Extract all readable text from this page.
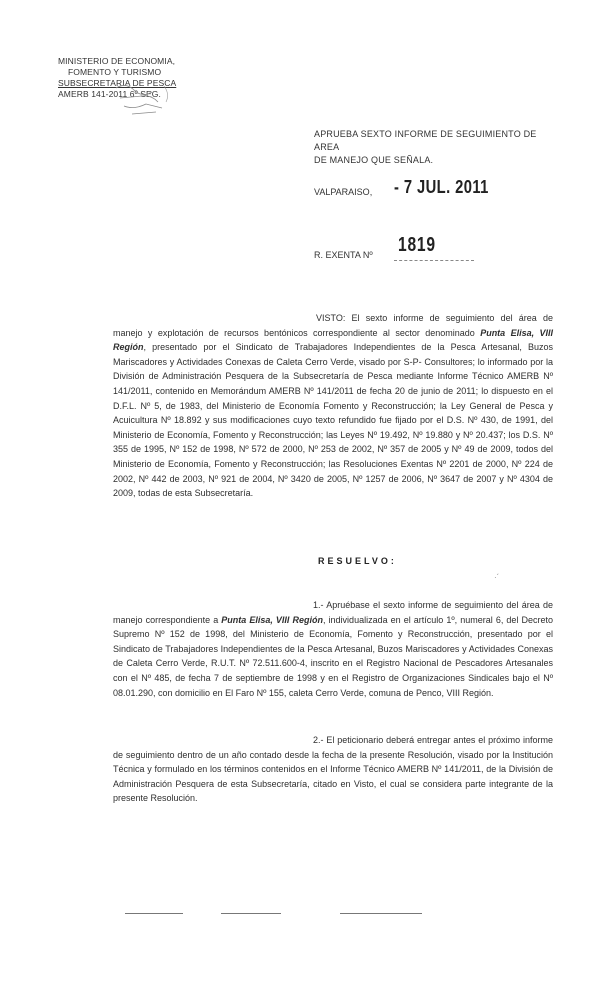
MINISTERIO DE ECONOMIA,
FOMENTO Y TURISMO
SUBSECRETARIA DE PESCA
AMERB 141-2011 6º SEG.
APRUEBA SEXTO INFORME DE SEGUIMIENTO DE AREA
DE MANEJO QUE SEÑALA.
VALPARAISO, - 7 JUL. 2011
R. EXENTA Nº 1819
VISTO: El sexto informe de seguimiento del área de manejo y explotación de recursos bentónicos correspondiente al sector denominado Punta Elisa, VIII Región, presentado por el Sindicato de Trabajadores Independientes de la Pesca Artesanal, Buzos Mariscadores y Actividades Conexas de Caleta Cerro Verde, visado por S-P- Consultores; lo informado por la División de Administración Pesquera de la Subsecretaría de Pesca mediante Informe Técnico AMERB Nº 141/2011, contenido en Memorándum AMERB Nº 141/2011 de fecha 20 de junio de 2011; lo dispuesto en el D.F.L. Nº 5, de 1983, del Ministerio de Economía Fomento y Reconstrucción; la Ley General de Pesca y Acuicultura Nº 18.892 y sus modificaciones cuyo texto refundido fue fijado por el D.S. Nº 430, de 1991, del Ministerio de Economía, Fomento y Reconstrucción; las Leyes Nº 19.492, Nº 19.880 y Nº 20.437; los D.S. Nº 355 de 1995, Nº 152 de 1998, Nº 572 de 2000, Nº 253 de 2002, Nº 357 de 2005 y Nº 49 de 2009, todos del Ministerio de Economía, Fomento y Reconstrucción; las Resoluciones Exentas Nº 2201 de 2000, Nº 224 de 2002, Nº 442 de 2003, Nº 921 de 2004, Nº 3420 de 2005, Nº 1257 de 2006, Nº 3647 de 2007 y Nº 4304 de 2009, todas de esta Subsecretaría.
RESUELVO:
·´
1.- Apruébase el sexto informe de seguimiento del área de manejo correspondiente a Punta Elisa, VIII Región, individualizada en el artículo 1º, numeral 6, del Decreto Supremo Nº 152 de 1998, del Ministerio de Economía, Fomento y Reconstrucción, presentado por el Sindicato de Trabajadores Independientes de la Pesca Artesanal, Buzos Mariscadores y Actividades Conexas de Caleta Cerro Verde, R.U.T. Nº 72.511.600-4, inscrito en el Registro Nacional de Pescadores Artesanales con el Nº 485, de fecha 7 de septiembre de 1998 y en el Registro de Organizaciones Sindicales bajo el Nº 08.01.290, con domicilio en El Faro Nº 155, caleta Cerro Verde, comuna de Penco, VIII Región.
2.- El peticionario deberá entregar antes el próximo informe de seguimiento dentro de un año contado desde la fecha de la presente Resolución, visado por la Institución Técnica y formulado en los términos contenidos en el Informe Técnico AMERB Nº 141/2011, de la División de Administración Pesquera de esta Subsecretaría, citado en Visto, el cual se considera parte integrante de la presente Resolución.
